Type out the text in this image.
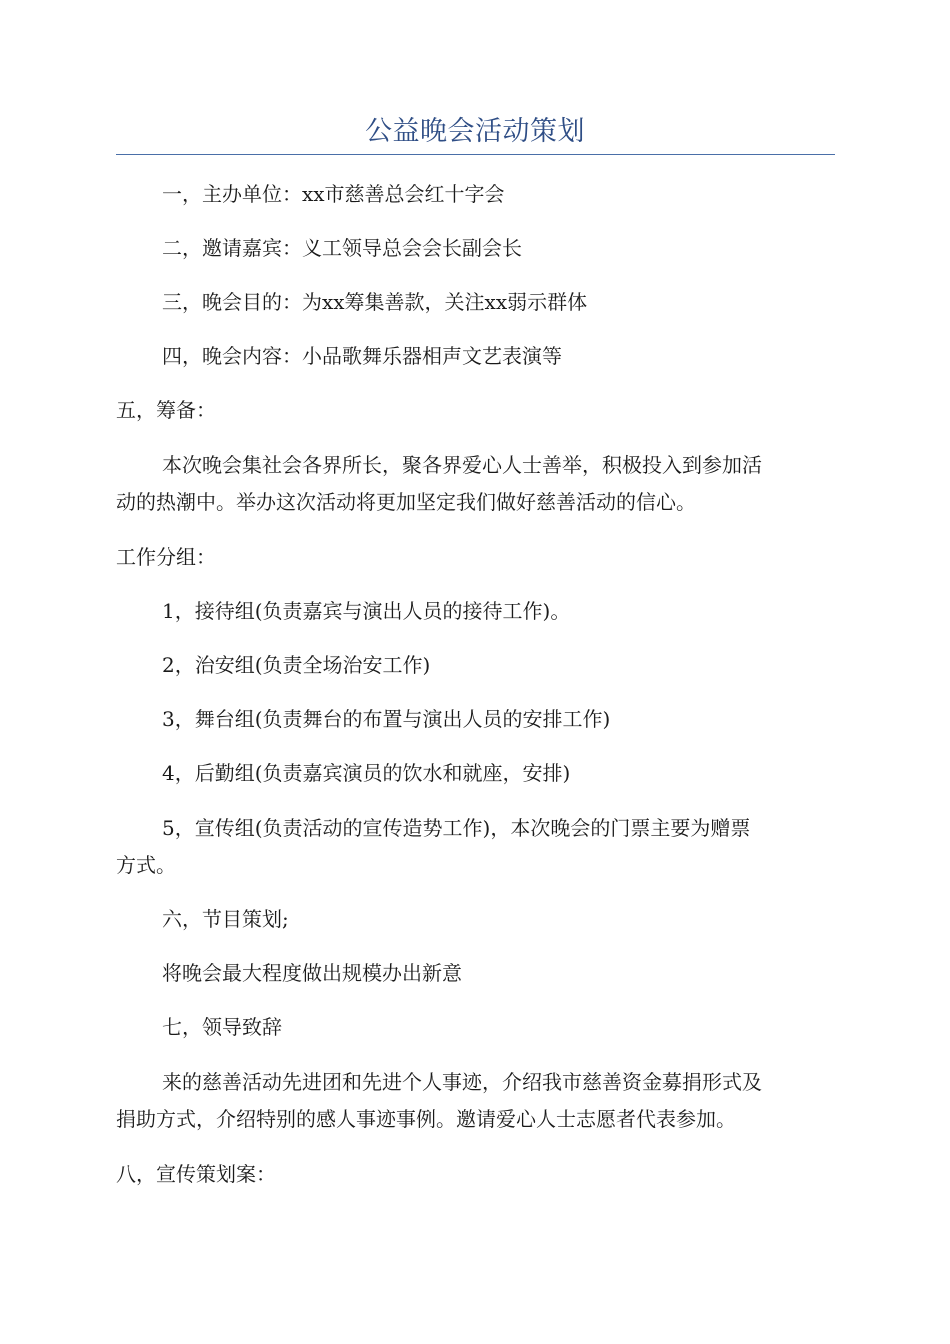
公益晚会活动策划

一，主办单位：xx市慈善总会红十字会

二，邀请嘉宾：义工领导总会会长副会长

三，晚会目的：为xx筹集善款，关注xx弱示群体

四，晚会内容：小品歌舞乐器相声文艺表演等

五，筹备：

本次晚会集社会各界所长，聚各界爱心人士善举，积极投入到参加活

动的热潮中。举办这次活动将更加坚定我们做好慈善活动的信心。

工作分组：

1，接待组(负责嘉宾与演出人员的接待工作)。

2，治安组(负责全场治安工作)

3，舞台组(负责舞台的布置与演出人员的安排工作)

4，后勤组(负责嘉宾演员的饮水和就座，安排)

5，宣传组(负责活动的宣传造势工作)，本次晚会的门票主要为赠票

方式。

六，节目策划;

将晚会最大程度做出规模办出新意

七，领导致辞

来的慈善活动先进团和先进个人事迹，介绍我市慈善资金募捐形式及

捐助方式，介绍特别的感人事迹事例。邀请爱心人士志愿者代表参加。

八，宣传策划案：
